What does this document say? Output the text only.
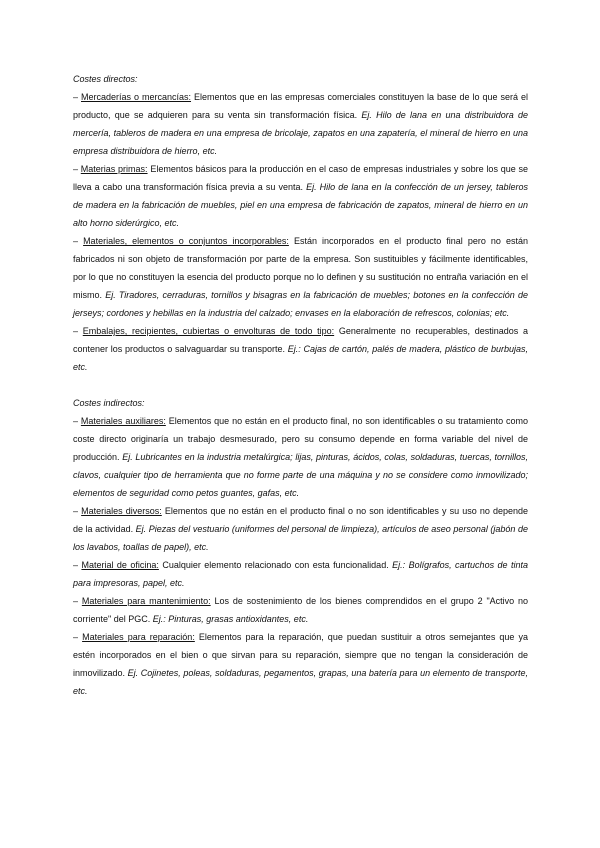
Costes directos:

– Mercaderías o mercancías: Elementos que en las empresas comerciales constituyen la base de lo que será el producto, que se adquieren para su venta sin transformación física. Ej. Hilo de lana en una distribuidora de mercería, tableros de madera en una empresa de bricolaje, zapatos en una zapatería, el mineral de hierro en una empresa distribuidora de hierro, etc.

– Materias primas: Elementos básicos para la producción en el caso de empresas industriales y sobre los que se lleva a cabo una transformación física previa a su venta. Ej. Hilo de lana en la confección de un jersey, tableros de madera en la fabricación de muebles, piel en una empresa de fabricación de zapatos, mineral de hierro en un alto horno siderúrgico, etc.

– Materiales, elementos o conjuntos incorporables: Están incorporados en el producto final pero no están fabricados ni son objeto de transformación por parte de la empresa. Son sustituibles y fácilmente identificables, por lo que no constituyen la esencia del producto porque no lo definen y su sustitución no entraña variación en el mismo. Ej. Tiradores, cerraduras, tornillos y bisagras en la fabricación de muebles; botones en la confección de jerseys; cordones y hebillas en la industria del calzado; envases en la elaboración de refrescos, colonias; etc.

– Embalajes, recipientes, cubiertas o envolturas de todo tipo: Generalmente no recuperables, destinados a contener los productos o salvaguardar su transporte. Ej.: Cajas de cartón, palés de madera, plástico de burbujas, etc.

Costes indirectos:

– Materiales auxiliares: Elementos que no están en el producto final, no son identificables o su tratamiento como coste directo originaría un trabajo desmesurado, pero su consumo depende en forma variable del nivel de producción. Ej. Lubricantes en la industria metalúrgica; lijas, pinturas, ácidos, colas, soldaduras, tuercas, tornillos, clavos, cualquier tipo de herramienta que no forme parte de una máquina y no se considere como inmovilizado; elementos de seguridad como petos guantes, gafas, etc.

– Materiales diversos: Elementos que no están en el producto final o no son identificables y su uso no depende de la actividad. Ej. Piezas del vestuario (uniformes del personal de limpieza), artículos de aseo personal (jabón de los lavabos, toallas de papel), etc.

– Material de oficina: Cualquier elemento relacionado con esta funcionalidad. Ej.: Bolígrafos, cartuchos de tinta para impresoras, papel, etc.

– Materiales para mantenimiento: Los de sostenimiento de los bienes comprendidos en el grupo 2 "Activo no corriente" del PGC. Ej.: Pinturas, grasas antioxidantes, etc.

– Materiales para reparación: Elementos para la reparación, que puedan sustituir a otros semejantes que ya estén incorporados en el bien o que sirvan para su reparación, siempre que no tengan la consideración de inmovilizado. Ej. Cojinetes, poleas, soldaduras, pegamentos, grapas, una batería para un elemento de transporte, etc.
